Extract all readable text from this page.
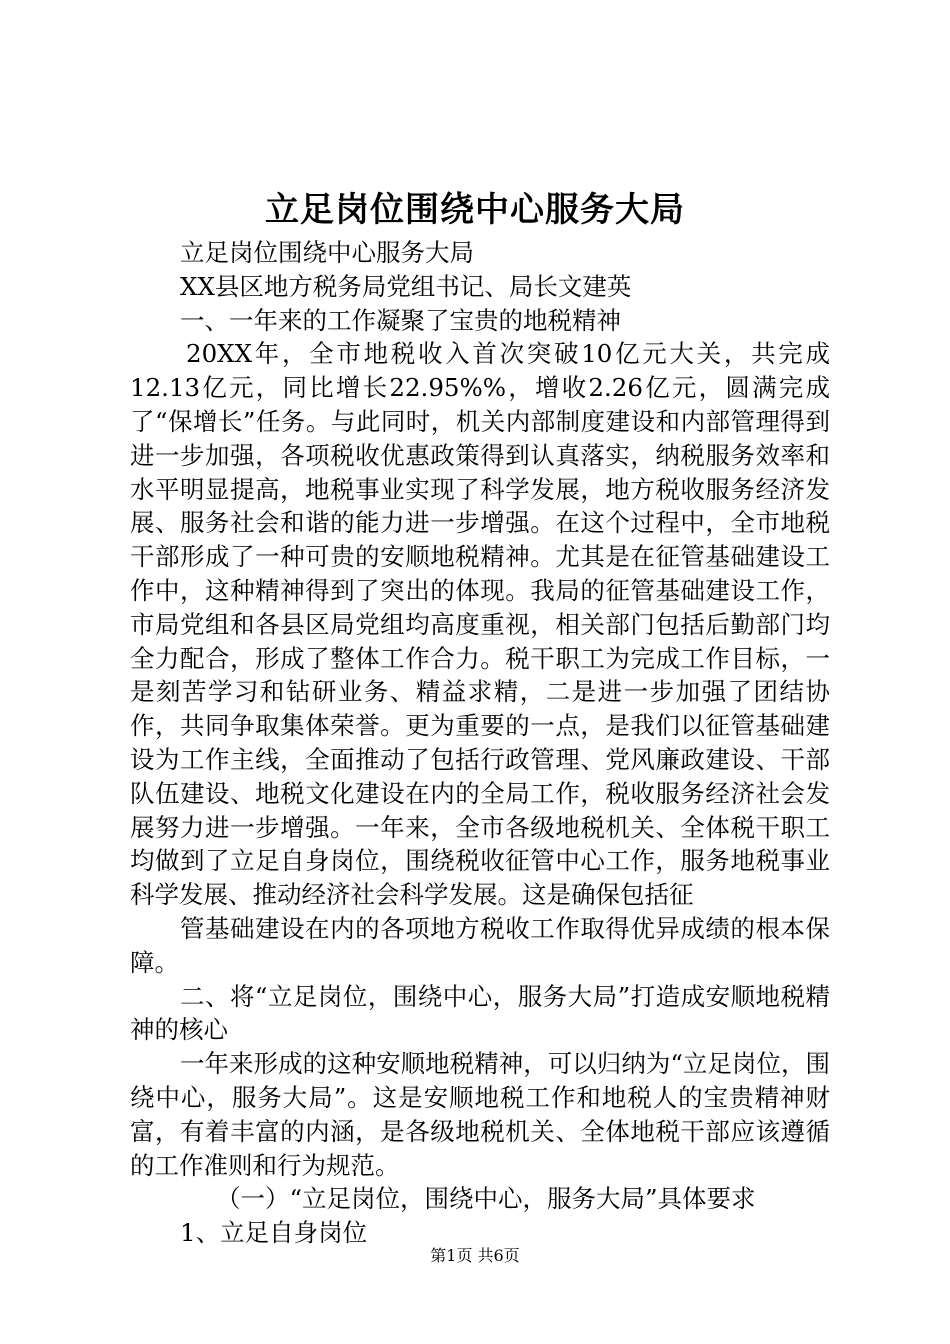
立足岗位围绕中心服务大局

立足岗位围绕中心服务大局

XX县区地方税务局党组书记、局长文建英

一、一年来的工作凝聚了宝贵的地税精神

20XX年，全市地税收入首次突破10亿元大关，共完成12.13亿元，同比增长22.95%%，增收2.26亿元，圆满完成了“保增长”任务。与此同时，机关内部制度建设和内部管理得到进一步加强，各项税收优惠政策得到认真落实，纳税服务效率和水平明显提高，地税事业实现了科学发展，地方税收服务经济发展、服务社会和谐的能力进一步增强。在这个过程中，全市地税干部形成了一种可贵的安顺地税精神。尤其是在征管基础建设工作中，这种精神得到了突出的体现。我局的征管基础建设工作，市局党组和各县区局党组均高度重视，相关部门包括后勤部门均全力配合，形成了整体工作合力。税干职工为完成工作目标，一是刻苦学习和钻研业务、精益求精，二是进一步加强了团结协作，共同争取集体荣誉。更为重要的一点，是我们以征管基础建设为工作主线，全面推动了包括行政管理、党风廉政建设、干部队伍建设、地税文化建设在内的全局工作，税收服务经济社会发展努力进一步增强。一年来，全市各级地税机关、全体税干职工均做到了立足自身岗位，围绕税收征管中心工作，服务地税事业科学发展、推动经济社会科学发展。这是确保包括征

管基础建设在内的各项地方税收工作取得优异成绩的根本保障。

二、将“立足岗位，围绕中心，服务大局”打造成安顺地税精神的核心

一年来形成的这种安顺地税精神，可以归纳为“立足岗位，围绕中心，服务大局”。这是安顺地税工作和地税人的宝贵精神财富，有着丰富的内涵，是各级地税机关、全体地税干部应该遵循的工作准则和行为规范。

（一）“立足岗位，围绕中心，服务大局”具体要求

1、立足自身岗位

第1页 共6页
